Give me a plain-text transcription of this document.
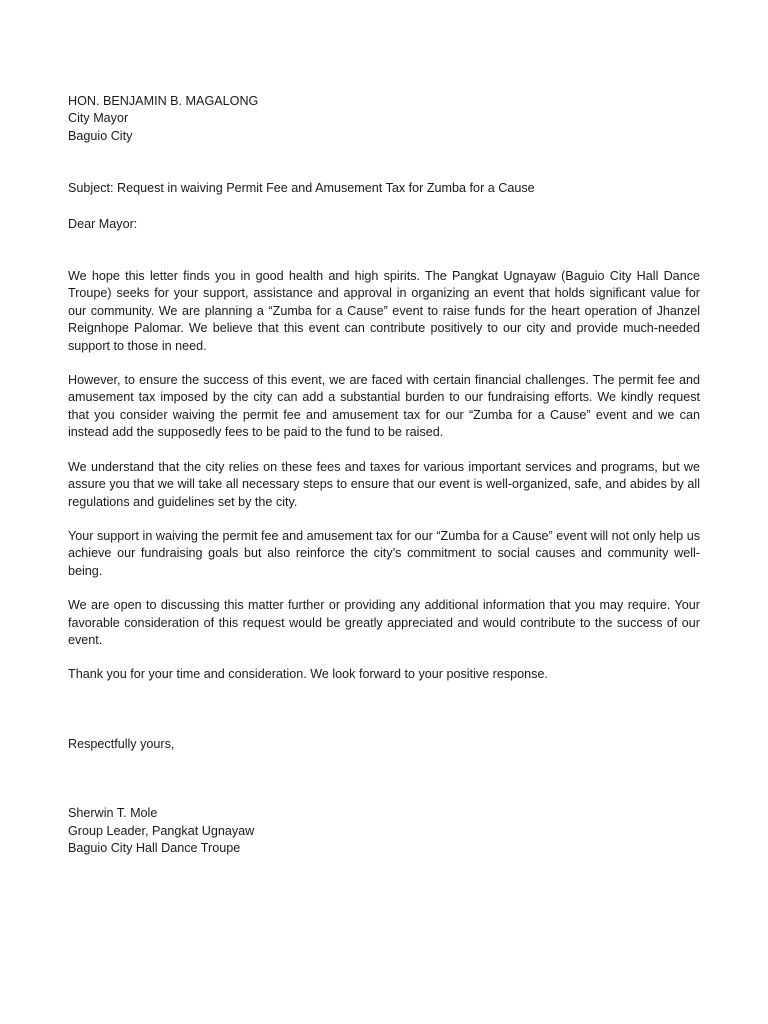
HON. BENJAMIN B. MAGALONG
City Mayor
Baguio City
Subject: Request in waiving Permit Fee and Amusement Tax for Zumba for a Cause
Dear Mayor:

We hope this letter finds you in good health and high spirits. The Pangkat Ugnayaw (Baguio City Hall Dance Troupe) seeks for your support, assistance and approval in organizing an event that holds significant value for our community. We are planning a “Zumba for a Cause” event to raise funds for the heart operation of Jhanzel Reignhope Palomar. We believe that this event can contribute positively to our city and provide much-needed support to those in need.

However, to ensure the success of this event, we are faced with certain financial challenges. The permit fee and amusement tax imposed by the city can add a substantial burden to our fundraising efforts. We kindly request that you consider waiving the permit fee and amusement tax for our “Zumba for a Cause” event and we can instead add the supposedly fees to be paid to the fund to be raised.

We understand that the city relies on these fees and taxes for various important services and programs, but we assure you that we will take all necessary steps to ensure that our event is well-organized, safe, and abides by all regulations and guidelines set by the city.

Your support in waiving the permit fee and amusement tax for our “Zumba for a Cause” event will not only help us achieve our fundraising goals but also reinforce the city’s commitment to social causes and community well-being.

We are open to discussing this matter further or providing any additional information that you may require. Your favorable consideration of this request would be greatly appreciated and would contribute to the success of our event.

Thank you for your time and consideration. We look forward to your positive response.

Respectfully yours,
Sherwin T. Mole
Group Leader, Pangkat Ugnayaw
Baguio City Hall Dance Troupe
